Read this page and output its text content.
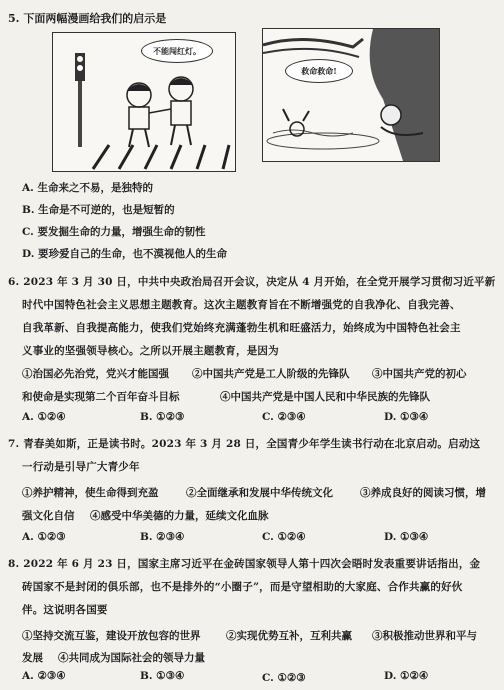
5. 下面两幅漫画给我们的启示是
不能闯红灯。
救命救命!
A. 生命来之不易，是独特的
B. 生命是不可逆的，也是短暂的
C. 要发掘生命的力量，增强生命的韧性
D. 要珍爱自己的生命，也不漠视他人的生命
6. 2023 年 3 月 30 日，中共中央政治局召开会议，决定从 4 月开始，在全党开展学习贯彻习近平新
时代中国特色社会主义思想主题教育。这次主题教育旨在不断增强党的自我净化、自我完善、
自我革新、自我提高能力，使我们党始终充满蓬勃生机和旺盛活力，始终成为中国特色社会主
义事业的坚强领导核心。之所以开展主题教育，是因为
①治国必先治党，党兴才能国强 ②中国共产党是工人阶级的先锋队 ③中国共产党的初心
和使命是实现第二个百年奋斗目标	④中国共产党是中国人民和中华民族的先锋队
A. ①②④	B. ①②③	C. ②③④	D. ①③④
7. 青春美如斯，正是读书时。2023 年 3 月 28 日，全国青少年学生读书行动在北京启动。启动这
一行动是引导广大青少年
①养护精神，使生命得到充盈	②全面继承和发展中华传统文化	③养成良好的阅读习惯，增
强文化自信 ④感受中华美德的力量，延续文化血脉
A. ①②③	B. ②③④	C. ①②④	D. ①③④
8. 2022 年 6 月 23 日，国家主席习近平在金砖国家领导人第十四次会晤时发表重要讲话指出，金
砖国家不是封闭的俱乐部，也不是排外的“小圈子”，而是守望相助的大家庭、合作共赢的好伙
伴。这说明各国要
①坚持交流互鉴，建设开放包容的世界 ②实现优势互补，互利共赢 ③积极推动世界和平与
发展 ④共同成为国际社会的领导力量
A. ②③④	B. ①③④	C. ①②③	D. ①②④
